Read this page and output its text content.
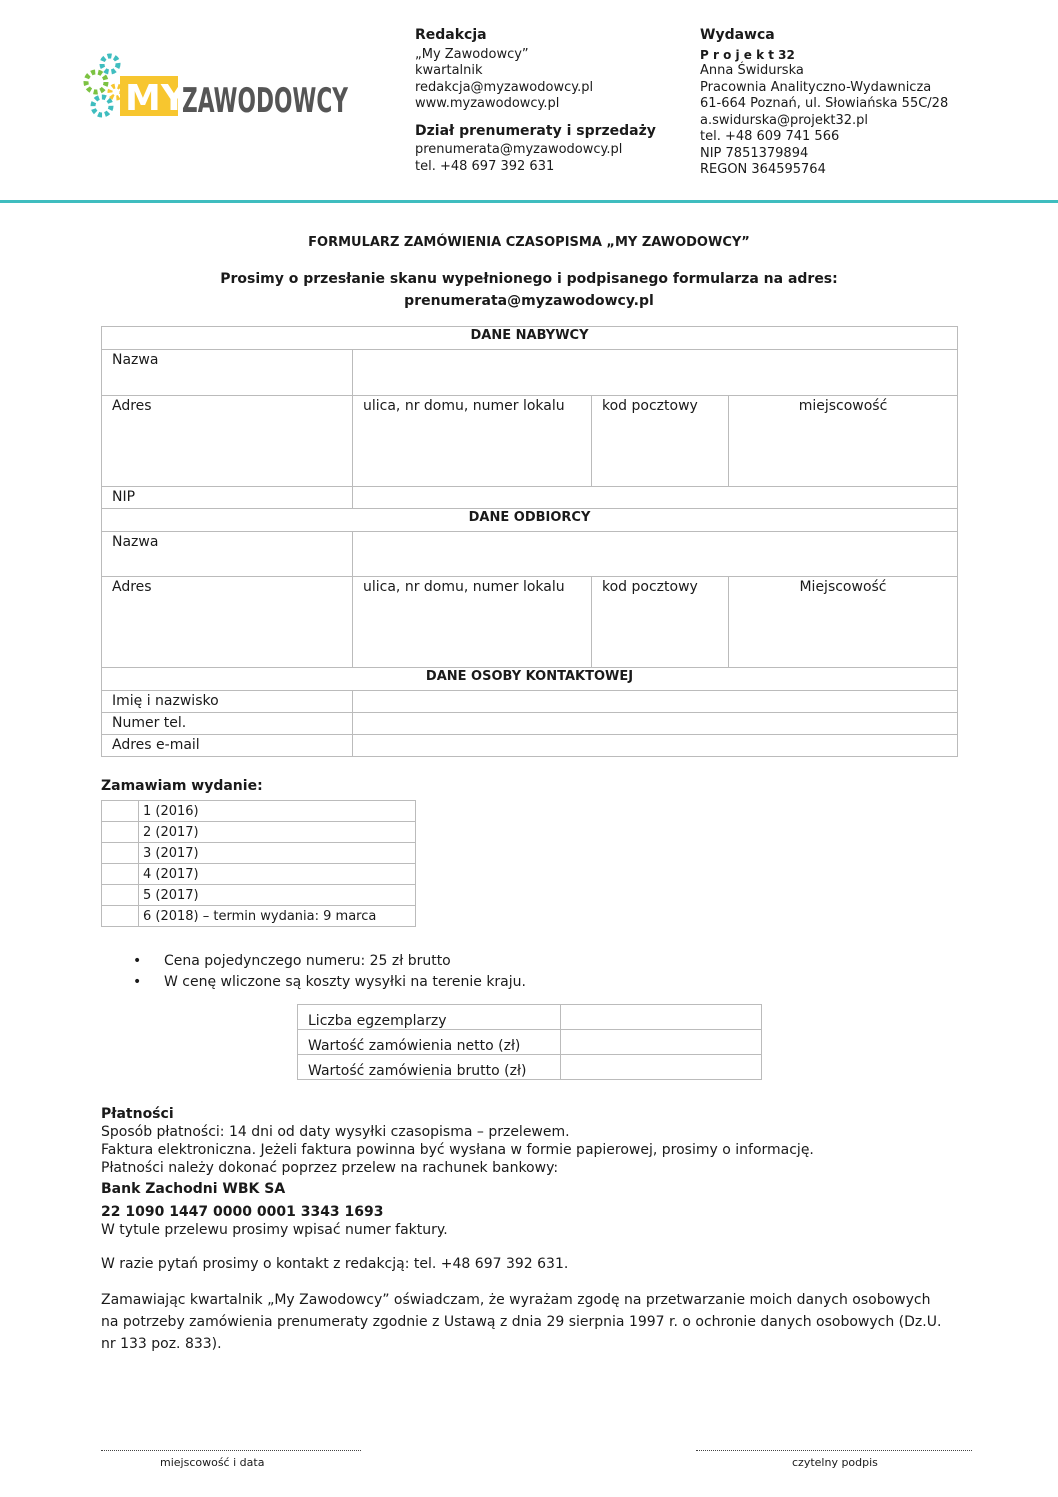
MY
ZAWODOWCY
Redakcja
„My Zawodowcy”
kwartalnik
redakcja@myzawodowcy.pl
www.myzawodowcy.pl
Dział prenumeraty i sprzedaży
prenumerata@myzawodowcy.pl
tel. +48 697 392 631
Wydawca
P r o j e k t 32
Anna Świdurska
Pracownia Analityczno-Wydawnicza
61-664 Poznań, ul. Słowiańska 55C/28
a.swidurska@projekt32.pl
tel. +48 609 741 566
NIP 7851379894
REGON 364595764
FORMULARZ ZAMÓWIENIA CZASOPISMA „MY ZAWODOWCY”
Prosimy o przesłanie skanu wypełnionego i podpisanego formularza na adres:
prenumerata@myzawodowcy.pl
DANE NABYWCY			
Nazwa			
Adres	ulica, nr domu, numer lokalu	kod pocztowy	miejscowość
NIP			
DANE ODBIORCY			
Nazwa			
Adres	ulica, nr domu, numer lokalu	kod pocztowy	Miejscowość
DANE OSOBY KONTAKTOWEJ			
Imię i nazwisko			
Numer tel.			
Adres e-mail			
Zamawiam wydanie:
	1 (2016)
	2 (2017)
	3 (2017)
	4 (2017)
	5 (2017)
	6 (2018) – termin wydania: 9 marca
• Cena pojedynczego numeru: 25 zł brutto
• W cenę wliczone są koszty wysyłki na terenie kraju.
Liczba egzemplarzy	
Wartość zamówienia netto (zł)	
Wartość zamówienia brutto (zł)	

Płatności

Sposób płatności: 14 dni od daty wysyłki czasopisma – przelewem.

Faktura elektroniczna. Jeżeli faktura powinna być wysłana w formie papierowej, prosimy o informację.

Płatności należy dokonać poprzez przelew na rachunek bankowy:

Bank Zachodni WBK SA

22 1090 1447 0000 0001 3343 1693

W tytule przelewu prosimy wpisać numer faktury.

W razie pytań prosimy o kontakt z redakcją: tel. +48 697 392 631.

Zamawiając kwartalnik „My Zawodowcy” oświadczam, że wyrażam zgodę na przetwarzanie moich danych osobowych na potrzeby zamówienia prenumeraty zgodnie z Ustawą z dnia 29 sierpnia 1997 r. o ochronie danych osobowych (Dz.U. nr 133 poz. 833).

miejscowość i data	czytelny podpis
